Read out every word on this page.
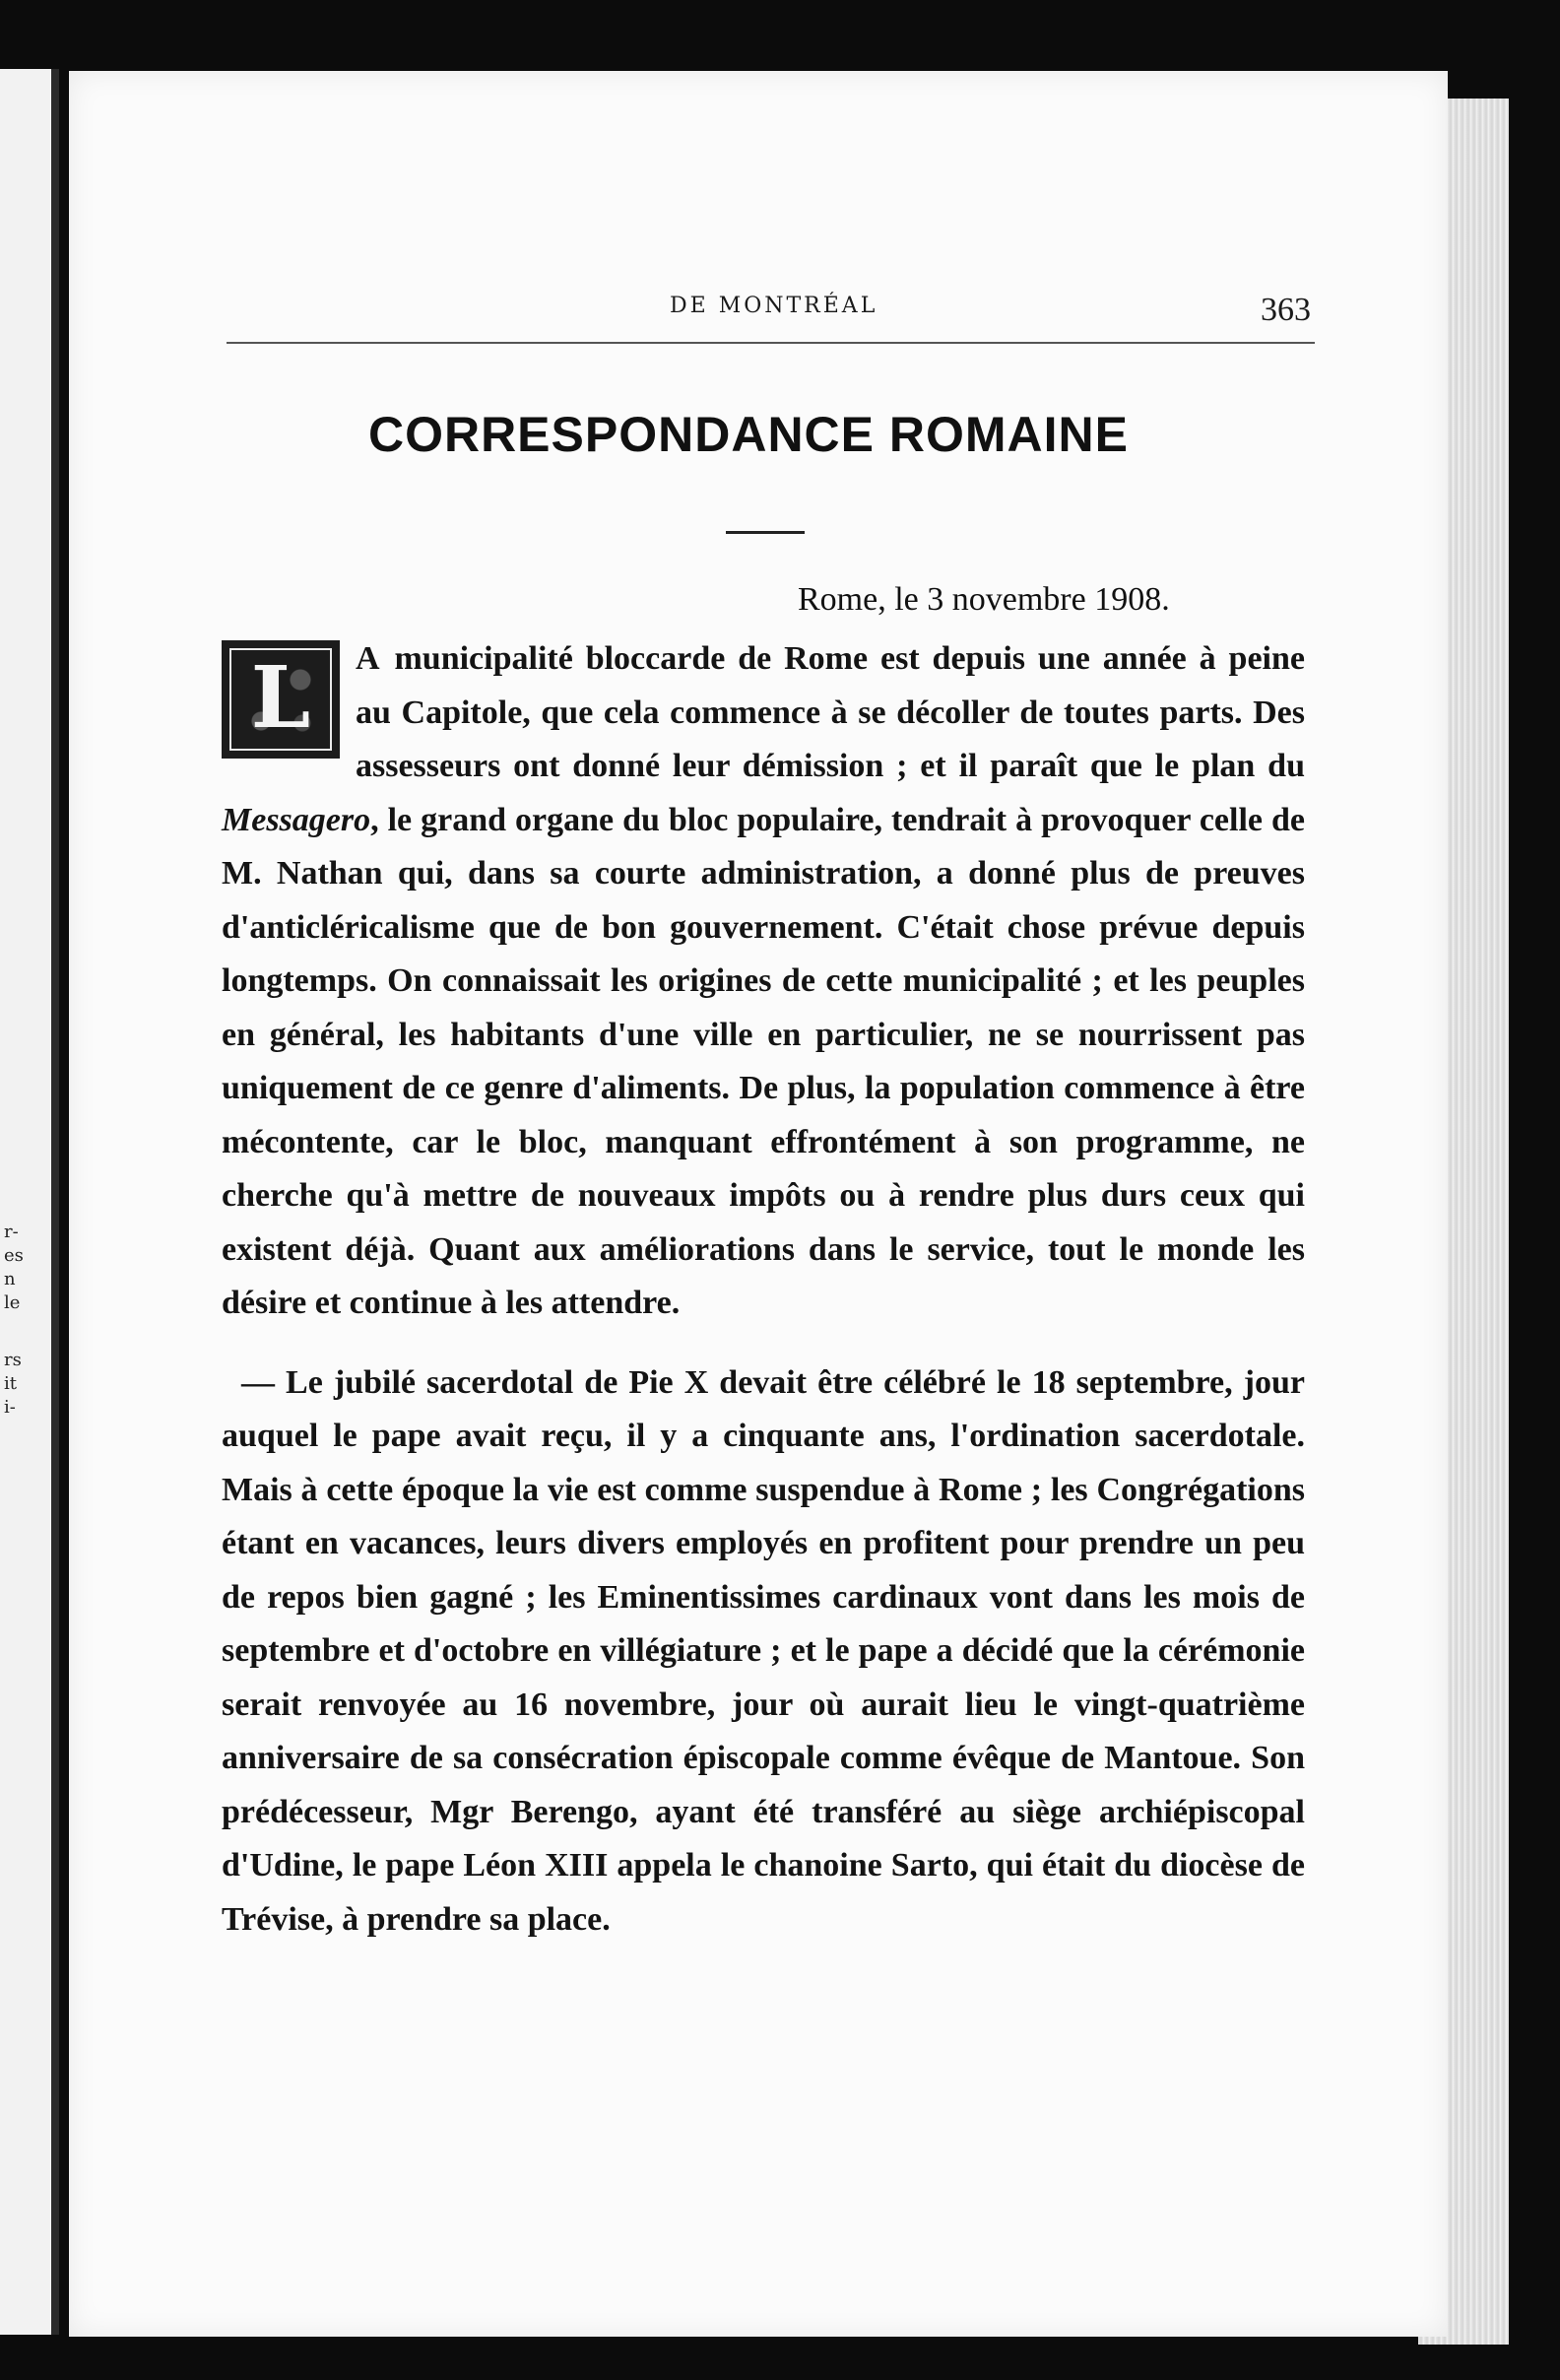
r-
es
n
le
rs
it
i-
DE MONTRÉAL	363
CORRESPONDANCE ROMAINE
Rome, le 3 novembre 1908.

L	A municipalité bloccarde de Rome est depuis une année à peine au Capitole, que cela commence à se décoller de toutes parts. Des assesseurs ont donné leur démission ; et il paraît que le plan du Messagero, le grand organe du bloc populaire, tendrait à provoquer celle de M. Nathan qui, dans sa courte administration, a donné plus de preuves d'anticléricalisme que de bon gouvernement. C'était chose prévue depuis longtemps. On connaissait les origines de cette municipalité ; et les peuples en général, les habitants d'une ville en particulier, ne se nourrissent pas uniquement de ce genre d'aliments. De plus, la population commence à être mécontente, car le bloc, manquant effrontément à son programme, ne cherche qu'à mettre de nouveaux impôts ou à rendre plus durs ceux qui existent déjà. Quant aux améliorations dans le service, tout le monde les désire et continue à les attendre.

— Le jubilé sacerdotal de Pie X devait être célébré le 18 septembre, jour auquel le pape avait reçu, il y a cinquante ans, l'ordination sacerdotale. Mais à cette époque la vie est comme suspendue à Rome ; les Congrégations étant en vacances, leurs divers employés en profitent pour prendre un peu de repos bien gagné ; les Eminentissimes cardinaux vont dans les mois de septembre et d'octobre en villégiature ; et le pape a décidé que la cérémonie serait renvoyée au 16 novembre, jour où aurait lieu le vingt-quatrième anniversaire de sa consécration épiscopale comme évêque de Mantoue. Son prédécesseur, Mgr Berengo, ayant été transféré au siège archiépiscopal d'Udine, le pape Léon XIII appela le chanoine Sarto, qui était du diocèse de Trévise, à prendre sa place.
